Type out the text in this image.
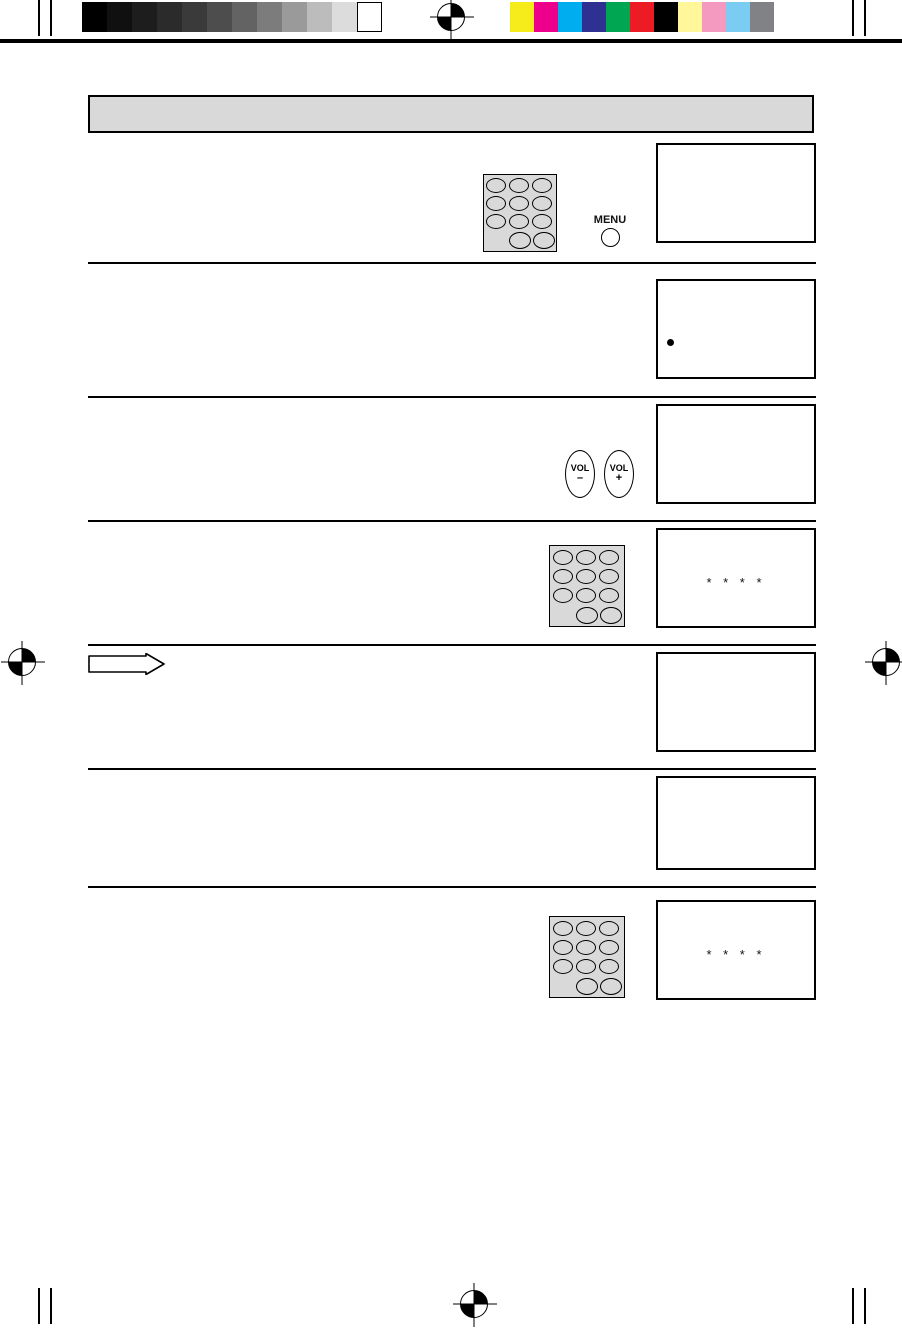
MENU
VOL
–
VOL
+
* * * *
* * * *
